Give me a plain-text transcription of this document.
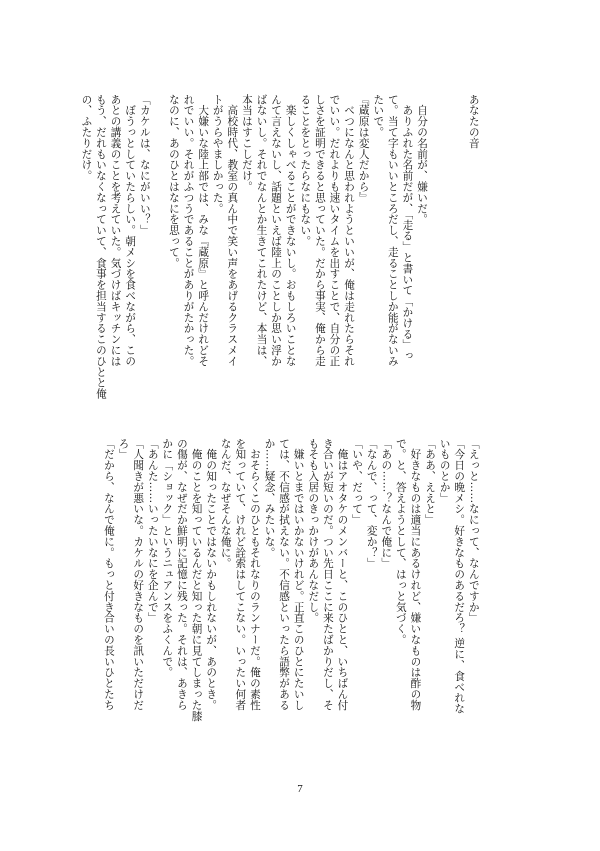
あなたの音

　自分の名前が、嫌いだ。
　ありふれた名前だが、「走る」と書いて「かける」っ
て。当て字もいいところだし、走ることしか能がないみ
たいで。
『蔵原は変人だから』
　べつになんと思われようといいが、俺は走れたらそれ
でいい。だれよりも速いタイムを出すことで、自分の正
しさを証明できると思っていた。だから事実、俺から走
ることをとったらなにもない。
　楽しくしゃべることができないし。おもしろいことな
んて言えないし、話題といえば陸上のことしか思い浮か
ばないし。それでなんとか生きてこれたけど、本当は、
本当はすこしだけ。
　高校時代、教室の真ん中で笑い声をあげるクラスメイ
トがうらやましかった。
　大嫌いな陸上部では、みな『蔵原』と呼んだけれどそ
れでいい。それがふつうであることがありがたかった。
なのに、あのひとはなにを思って。

「カケルは、なにがいい？」
　ぼうっとしていたらしい。朝メシを食べながら、この
あとの講義のことを考えていた。気づけばキッチンには
もう、だれもいなくなっていて、食事を担当するこのひとと俺
の、ふたりだけ。

「えっと……なにって、なんですか」
「今日の晩メシ。好きなものあるだろ？ 逆に、食べれな
いものとか」
「ああ、ええと」
　好きなものは適当にあるけれど、嫌いなものは酢の物
で。と、答えようとして、はっと気づく。
「あの……？なんで俺に」
「なんで、って、変か？」
「いや、だって」
　俺はアオタケのメンバーと、このひとと、いちばん付
き合いが短いのだ。つい先日ここに来たばかりだし、そ
もそも入居のきっかけがあんなだし。
　嫌いとまではいかないけれど。正直このひとにたいし
ては、不信感が拭えない。不信感といったら語弊がある
か……疑念、みたいな。
　おそらくこのひともそれなりのランナーだ。俺の素性
を知っていて、けれど詮索はしてこない。いったい何者
なんだ、なぜそんな俺に。
　俺の知ったことではないかもしれないが、あのとき。
　俺のことを知っているんだと知った朝に見てしまった膝
の傷が、なぜだか鮮明に記憶に残った。それは、あきら
かに「ショック」というニュアンスをふくんで。
「あんた……いったいなにを企んで」
「人聞きが悪いな。カケルの好きなものを訊いただけだ
ろ」
「だから、なんで俺に。もっと付き合いの長いひとたち

7
